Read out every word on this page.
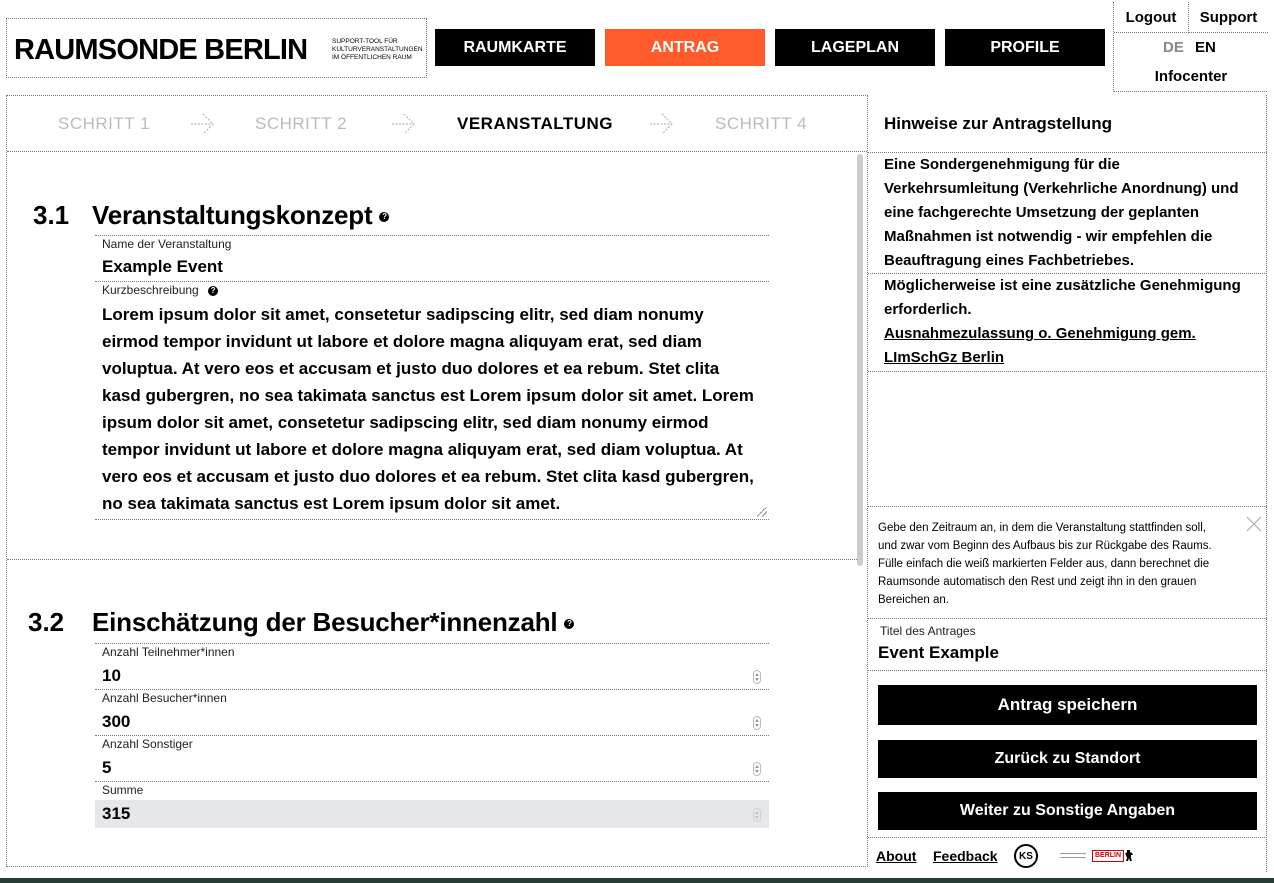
RAUMSONDE BERLIN	SUPPORT-TOOL FÜR KULTURVERANSTALTUNGEN IM ÖFFENTLICHEN RAUM
RAUMKARTE	ANTRAG	LAGEPLAN	PROFILE
Logout	Support
DE EN
Infocenter
SCHRITT 1	SCHRITT 2	VERANSTALTUNG	SCHRITT 4
3.1 Veranstaltungskonzept ?
Name der Veranstaltung
Example Event
Kurzbeschreibung ?
Lorem ipsum dolor sit amet, consetetur sadipscing elitr, sed diam nonumy eirmod tempor invidunt ut labore et dolore magna aliquyam erat, sed diam voluptua. At vero eos et accusam et justo duo dolores et ea rebum. Stet clita kasd gubergren, no sea takimata sanctus est Lorem ipsum dolor sit amet. Lorem ipsum dolor sit amet, consetetur sadipscing elitr, sed diam nonumy eirmod tempor invidunt ut labore et dolore magna aliquyam erat, sed diam voluptua. At vero eos et accusam et justo duo dolores et ea rebum. Stet clita kasd gubergren, no sea takimata sanctus est Lorem ipsum dolor sit amet.
3.2 Einschätzung der Besucher*innenzahl ?
Anzahl Teilnehmer*innen
10
Anzahl Besucher*innen
300
Anzahl Sonstiger
5
Summe
315
Hinweise zur Antragstellung
Eine Sondergenehmigung für die Verkehrsumleitung (Verkehrliche Anordnung) und eine fachgerechte Umsetzung der geplanten Maßnahmen ist notwendig - wir empfehlen die Beauftragung eines Fachbetriebes.
Möglicherweise ist eine zusätzliche Genehmigung erforderlich.
Ausnahmezulassung o. Genehmigung gem. LImSchGz Berlin
Gebe den Zeitraum an, in dem die Veranstaltung stattfinden soll, und zwar vom Beginn des Aufbaus bis zur Rückgabe des Raums. Fülle einfach die weiß markierten Felder aus, dann berechnet die Raumsonde automatisch den Rest und zeigt ihn in den grauen Bereichen an.
Titel des Antrages
Event Example
Antrag speichern
Zurück zu Standort
Weiter zu Sonstige Angaben
About Feedback	KS	BERLIN
